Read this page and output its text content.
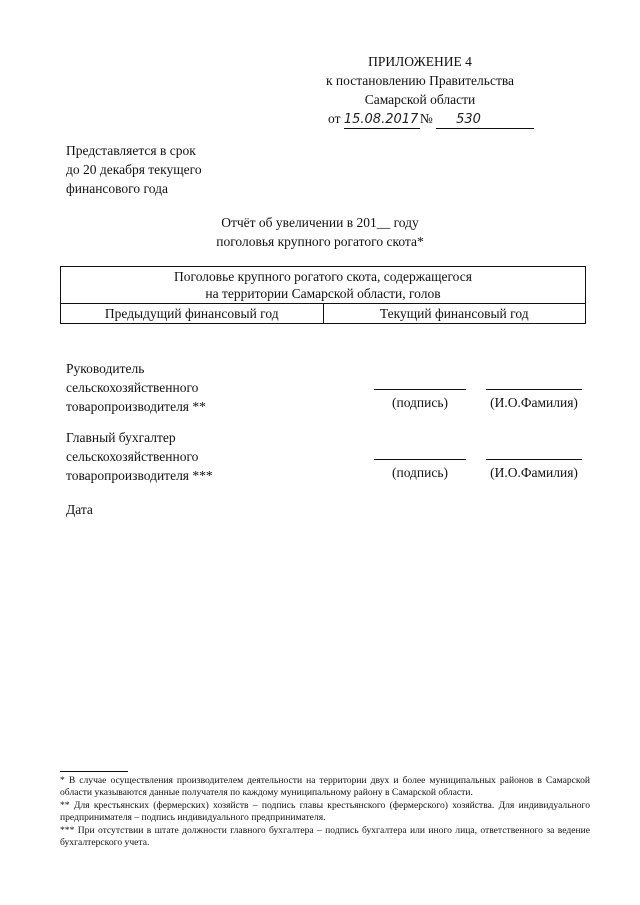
ПРИЛОЖЕНИЕ 4
к постановлению Правительства
Самарской области
от 15.08.2017 № 530
Представляется в срок
до 20 декабря текущего
финансового года
Отчёт об увеличении в 201__ году
поголовья крупного рогатого скота*
Поголовье крупного рогатого скота, содержащегося
на территории Самарской области, голов

Предыдущий финансовый год	Текущий финансовый год
Руководитель
сельскохозяйственного
товаропроизводителя **	(подпись)	(И.О.Фамилия)
Главный бухгалтер
сельскохозяйственного
товаропроизводителя ***	(подпись)	(И.О.Фамилия)
Дата

* В случае осуществления производителем деятельности на территории двух и более муниципальных районов в Самарской области указываются данные получателя по каждому муниципальному району в Самарской области.

** Для крестьянских (фермерских) хозяйств – подпись главы крестьянского (фермерского) хозяйства. Для индивидуального предпринимателя – подпись индивидуального предпринимателя.

*** При отсутствии в штате должности главного бухгалтера – подпись бухгалтера или иного лица, ответственного за ведение бухгалтерского учета.
